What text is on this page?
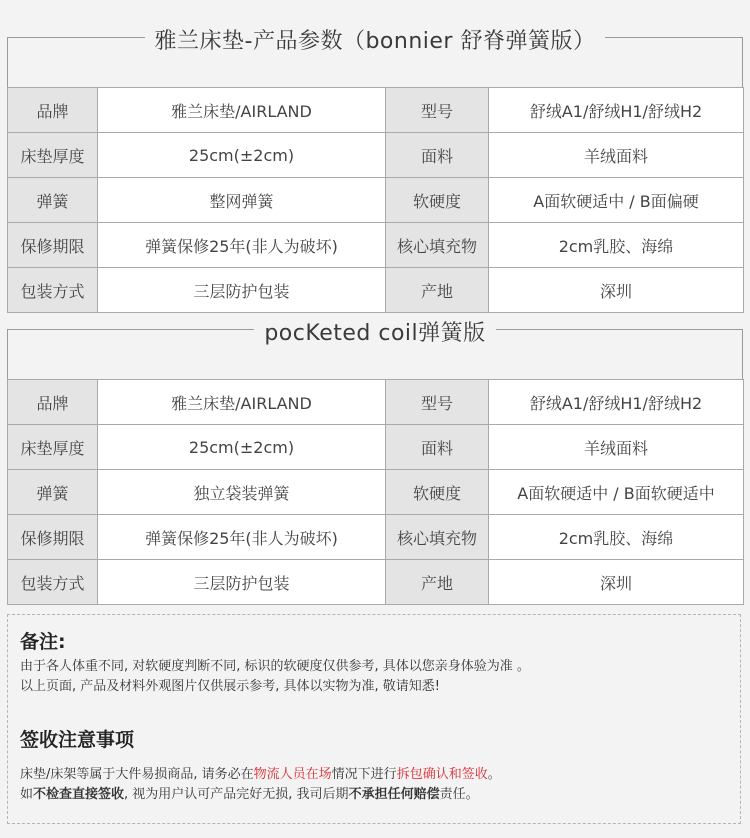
雅兰床垫-产品参数（bonnier 舒脊弹簧版）
品牌	雅兰床垫/AIRLAND	型号	舒绒A1/舒绒H1/舒绒H2
床垫厚度	25cm(±2cm)	面料	羊绒面料
弹簧	整网弹簧	软硬度	A面软硬适中 / B面偏硬
保修期限	弹簧保修25年(非人为破坏)	核心填充物	2cm乳胶、海绵
包装方式	三层防护包装	产地	深圳
pocKeted coil弹簧版
品牌	雅兰床垫/AIRLAND	型号	舒绒A1/舒绒H1/舒绒H2
床垫厚度	25cm(±2cm)	面料	羊绒面料
弹簧	独立袋装弹簧	软硬度	A面软硬适中 / B面软硬适中
保修期限	弹簧保修25年(非人为破坏)	核心填充物	2cm乳胶、海绵
包装方式	三层防护包装	产地	深圳
备注:

由于各人体重不同, 对软硬度判断不同, 标识的软硬度仅供参考, 具体以您亲身体验为准 。

以上页面, 产品及材料外观图片仅供展示参考, 具体以实物为准, 敬请知悉!

签收注意事项

床垫/床架等属于大件易损商品, 请务必在物流人员在场情况下进行拆包确认和签收。

如不检查直接签收, 视为用户认可产品完好无损, 我司后期不承担任何赔偿责任。
